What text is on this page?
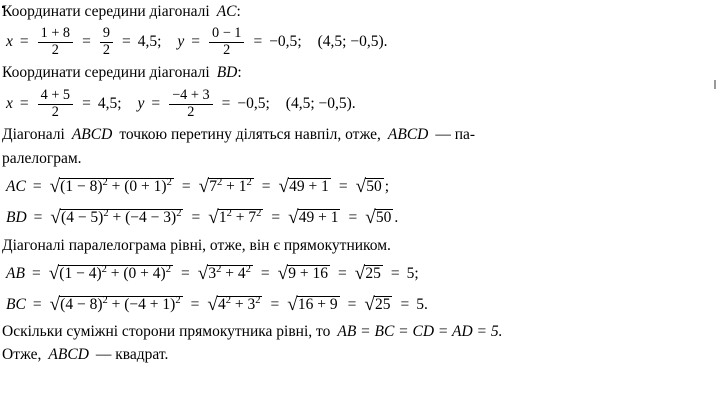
Координати середини діагоналі AC :
$x = \frac{1 + 8}{2} = \frac{9}{2} = 4,5$ ; $y = \frac{0 - 1}{2} = -0,5$ ; (4,5; −0,5).
Координати середини діагоналі BD :
$x = \frac{4 + 5}{2} = 4,5$ ; $y = \frac{-4 + 3}{2} = -0,5$ ; (4,5; −0,5).
Діагоналі ABCD точкою перетину діляться навпіл, отже, ABCD — па-
ралелограм.
AC = √ $(1 - 8)^2 + (0 + 1)^2$ = √ $7^2 + 1^2$ = √ 49 + 1 = √ 50 ;
BD = √ $(4 - 5)^2 + (-4 - 3)^2$ = √ $1^2 + 7^2$ = √ 49 + 1 = √ 50 .
Діагоналі паралелограма рівні, отже, він є прямокутником.
AB = √ $(1 - 4)^2 + (0 + 4)^2$ = √ $3^2 + 4^2$ = √ 9 + 16 = √ 25 = 5 ;
BC = √ $(4 - 8)^2 + (-4 + 1)^2$ = √ $4^2 + 3^2$ = √ 16 + 9 = √ 25 = 5 .
Оскільки суміжні сторони прямокутника рівні, то AB = BC = CD = AD = 5.
Отже, ABCD — квадрат.
